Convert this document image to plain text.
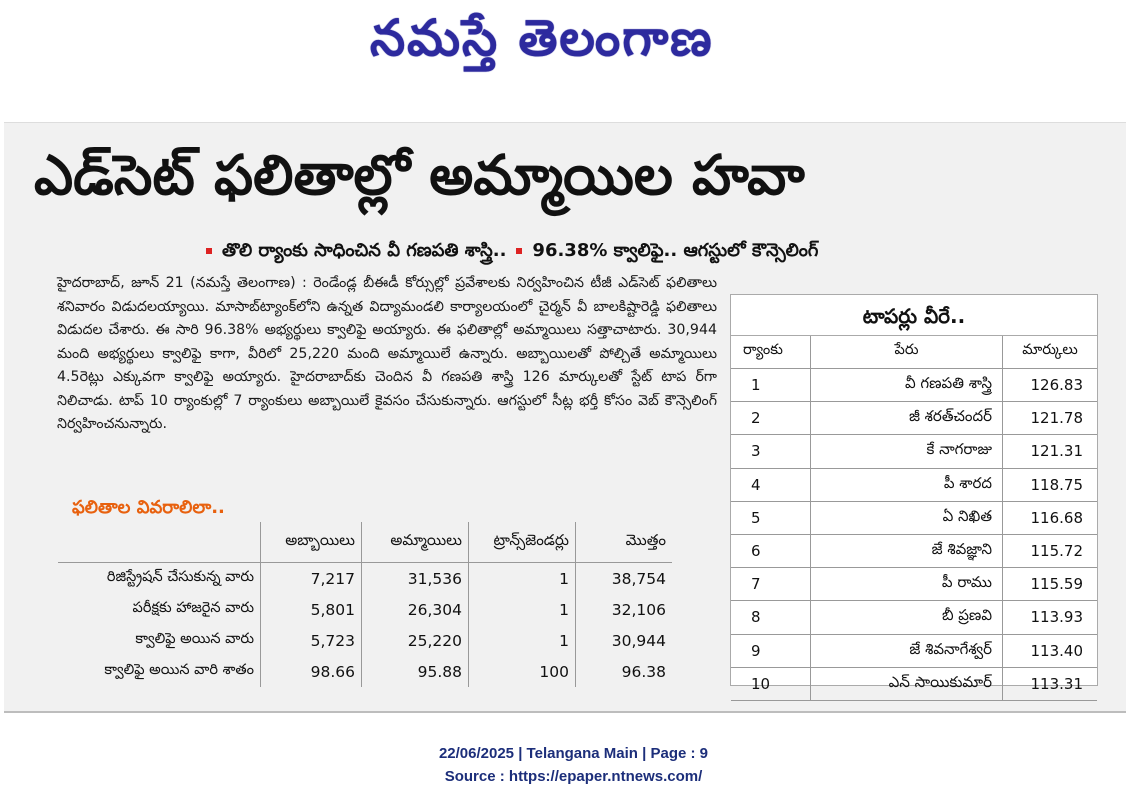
నమస్తే తెలంగాణ
ఎడ్‌సెట్ ఫలితాల్లో అమ్మాయిల హవా
తొలి ర్యాంకు సాధించిన వీ గణపతి శాస్త్రి.. 96.38% క్వాలిఫై.. ఆగస్టులో కౌన్సెలింగ్
హైదరాబాద్, జూన్ 21 (నమస్తే తెలంగాణ) : రెండేండ్ల బీఈడీ కోర్సుల్లో ప్రవేశాలకు నిర్వహించిన టీజీ ఎడ్‌సెట్ ఫలితాలు శనివారం విడుదలయ్యాయి. మాసాబ్‌ట్యాంక్‌లోని ఉన్నత విద్యామండలి కార్యాలయంలో చైర్మన్ వీ బాలకిష్టారెడ్డి ఫలితాలు విడుదల చేశారు. ఈ సారి 96.38% అభ్యర్థులు క్వాలిఫై అయ్యారు. ఈ ఫలితాల్లో అమ్మాయిలు సత్తాచాటారు. 30,944 మంది అభ్యర్థులు క్వాలిఫై కాగా, వీరిలో 25,220 మంది అమ్మాయిలే ఉన్నారు. అబ్బాయిలతో పోల్చితే అమ్మాయిలు 4.5రెట్లు ఎక్కువగా క్వాలిఫై అయ్యారు. హైదరాబాద్‌కు చెందిన వీ గణపతి శాస్త్రి 126 మార్కులతో స్టేట్ టాప ర్‌గా నిలిచాడు. టాప్ 10 ర్యాంకుల్లో 7 ర్యాంకులు అబ్బాయిలే కైవసం చేసుకున్నారు. ఆగస్టులో సీట్ల భర్తీ కోసం వెబ్ కౌన్సెలింగ్ నిర్వహించనున్నారు.
ఫలితాల వివరాలిలా..
	అబ్బాయిలు	అమ్మాయిలు	ట్రాన్స్‌జెండర్లు	మొత్తం
రిజిస్ట్రేషన్ చేసుకున్న వారు	7,217	31,536	1	38,754
పరీక్షకు హాజరైన వారు	5,801	26,304	1	32,106
క్వాలిఫై అయిన వారు	5,723	25,220	1	30,944
క్వాలిఫై అయిన వారి శాతం	98.66	95.88	100	96.38
టాపర్లు వీరే..
ర్యాంకు	పేరు	మార్కులు
1	వీ గణపతి శాస్త్రి	126.83
2	జీ శరత్‌చందర్	121.78
3	కే నాగరాజు	121.31
4	పీ శారద	118.75
5	ఏ నిఖిత	116.68
6	జే శివజ్ఞాని	115.72
7	పీ రాము	115.59
8	బీ ప్రణవి	113.93
9	జే శివనాగేశ్వర్	113.40
10	ఎన్ సాయికుమార్	113.31
22/06/2025 | Telangana Main | Page : 9
Source : https://epaper.ntnews.com/
